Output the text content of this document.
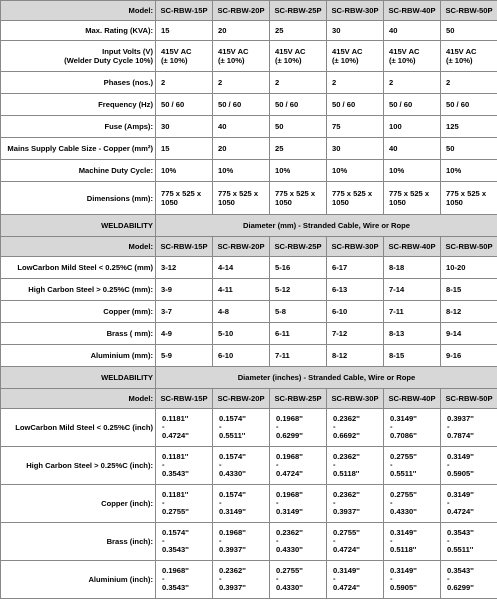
Model:	SC-RBW-15P	SC-RBW-20P	SC-RBW-25P	SC-RBW-30P	SC-RBW-40P	SC-RBW-50P
Max. Rating (KVA):	15	20	25	30	40	50
Input Volts (V)
(Welder Duty Cycle 10%)	415V AC
(± 10%)	415V AC
(± 10%)	415V AC
(± 10%)	415V AC
(± 10%)	415V AC
(± 10%)	415V AC
(± 10%)
Phases (nos.)	2	2	2	2	2	2
Frequency (Hz)	50 / 60	50 / 60	50 / 60	50 / 60	50 / 60	50 / 60
Fuse (Amps):	30	40	50	75	100	125
Mains Supply Cable Size - Copper (mm²)	15	20	25	30	40	50
Machine Duty Cycle:	10%	10%	10%	10%	10%	10%
Dimensions (mm):	775 x 525 x
1050	775 x 525 x
1050	775 x 525 x
1050	775 x 525 x
1050	775 x 525 x
1050	775 x 525 x
1050
WELDABILITY	Diameter (mm) - Stranded Cable, Wire or Rope					
Model:	SC-RBW-15P	SC-RBW-20P	SC-RBW-25P	SC-RBW-30P	SC-RBW-40P	SC-RBW-50P
LowCarbon Mild Steel < 0.25%C (mm)	3-12	4-14	5-16	6-17	8-18	10-20
High Carbon Steel > 0.25%C (mm):	3-9	4-11	5-12	6-13	7-14	8-15
Copper (mm):	3-7	4-8	5-8	6-10	7-11	8-12
Brass ( mm):	4-9	5-10	6-11	7-12	8-13	9-14
Aluminium (mm):	5-9	6-10	7-11	8-12	8-15	9-16
WELDABILITY	Diameter (inches) - Stranded Cable, Wire or Rope					
Model:	SC-RBW-15P	SC-RBW-20P	SC-RBW-25P	SC-RBW-30P	SC-RBW-40P	SC-RBW-50P
LowCarbon Mild Steel < 0.25%C (inch)	0.1181''
-
0.4724''	0.1574''
-
0.5511''	0.1968''
-
0.6299''	0.2362''
-
0.6692''	0.3149''
-
0.7086''	0.3937''
-
0.7874''
High Carbon Steel > 0.25%C (inch):	0.1181''
-
0.3543''	0.1574''
-
0.4330''	0.1968''
-
0.4724''	0.2362''
-
0.5118''	0.2755''
-
0.5511''	0.3149''
-
0.5905''
Copper (inch):	0.1181''
-
0.2755''	0.1574''
-
0.3149''	0.1968''
-
0.3149''	0.2362''
-
0.3937''	0.2755''
-
0.4330''	0.3149''
-
0.4724''
Brass (inch):	0.1574''
-
0.3543''	0.1968''
-
0.3937''	0.2362''
-
0.4330''	0.2755''
-
0.4724''	0.3149''
-
0.5118''	0.3543''
-
0.5511''
Aluminium (inch):	0.1968''
-
0.3543''	0.2362''
-
0.3937''	0.2755''
-
0.4330''	0.3149''
-
0.4724''	0.3149''
-
0.5905''	0.3543''
-
0.6299''
